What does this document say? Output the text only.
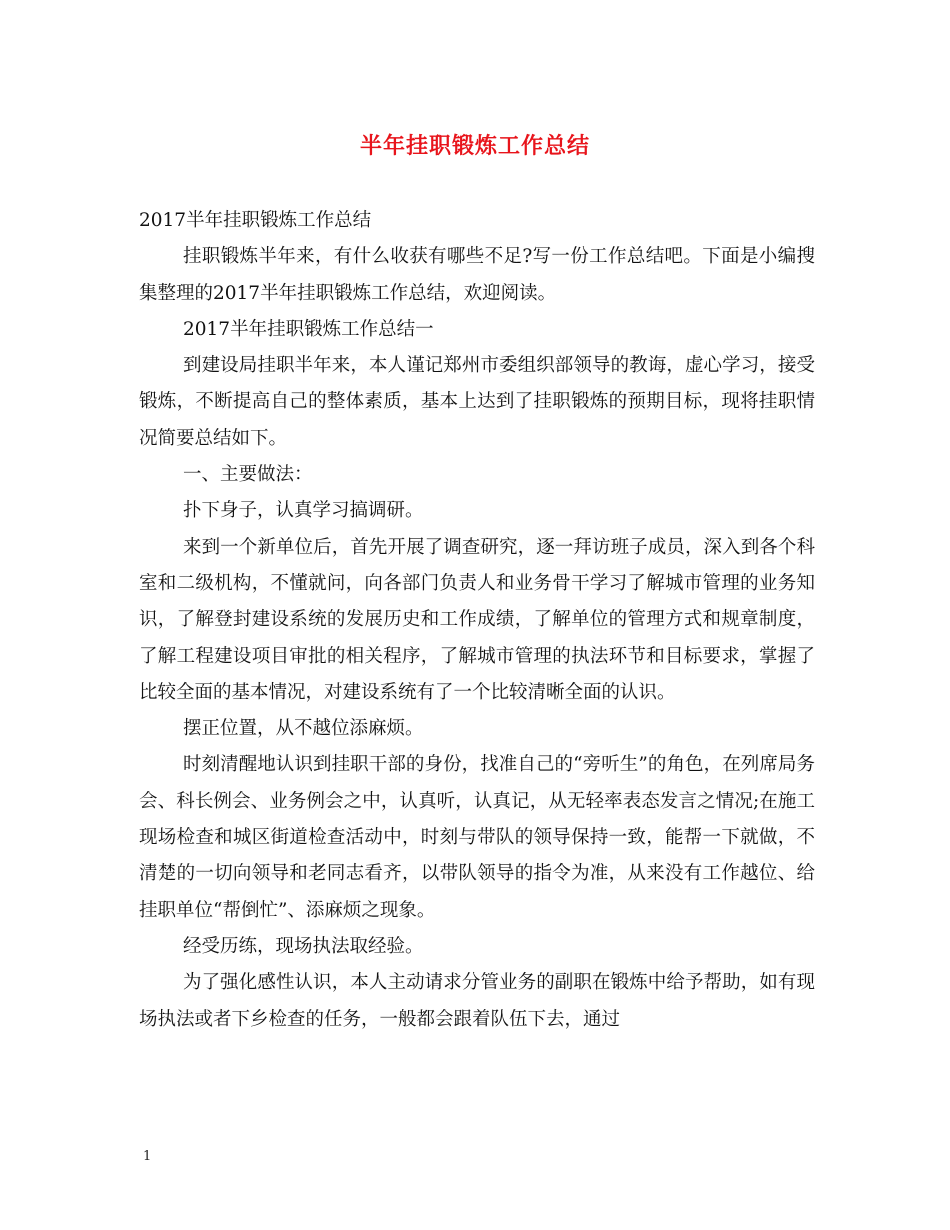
半年挂职锻炼工作总结

2017半年挂职锻炼工作总结

挂职锻炼半年来，有什么收获有哪些不足?写一份工作总结吧。下面是小编搜集整理的2017半年挂职锻炼工作总结，欢迎阅读。

2017半年挂职锻炼工作总结一

到建设局挂职半年来，本人谨记郑州市委组织部领导的教诲，虚心学习，接受锻炼，不断提高自己的整体素质，基本上达到了挂职锻炼的预期目标，现将挂职情况简要总结如下。

一、主要做法：

扑下身子，认真学习搞调研。

来到一个新单位后，首先开展了调查研究，逐一拜访班子成员，深入到各个科室和二级机构，不懂就问，向各部门负责人和业务骨干学习了解城市管理的业务知识，了解登封建设系统的发展历史和工作成绩，了解单位的管理方式和规章制度，了解工程建设项目审批的相关程序，了解城市管理的执法环节和目标要求，掌握了比较全面的基本情况，对建设系统有了一个比较清晰全面的认识。

摆正位置，从不越位添麻烦。

时刻清醒地认识到挂职干部的身份，找准自己的“旁听生”的角色，在列席局务会、科长例会、业务例会之中，认真听，认真记，从无轻率表态发言之情况;在施工现场检查和城区街道检查活动中，时刻与带队的领导保持一致，能帮一下就做，不清楚的一切向领导和老同志看齐，以带队领导的指令为准，从来没有工作越位、给挂职单位“帮倒忙”、添麻烦之现象。

经受历练，现场执法取经验。

为了强化感性认识，本人主动请求分管业务的副职在锻炼中给予帮助，如有现场执法或者下乡检查的任务，一般都会跟着队伍下去，通过

1
